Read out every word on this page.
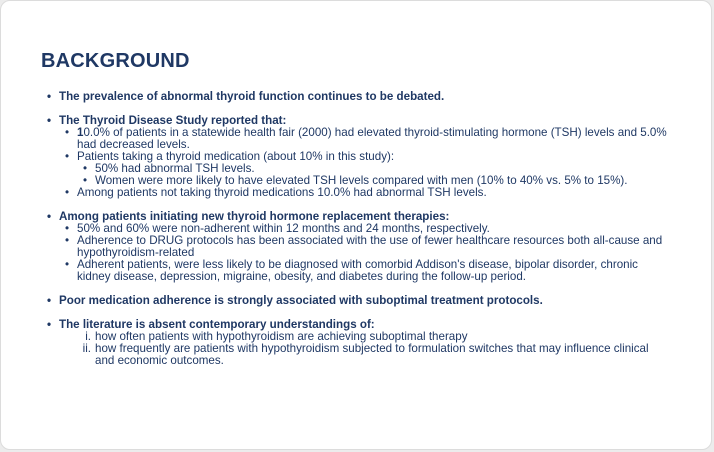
BACKGROUND
• The prevalence of abnormal thyroid function continues to be debated.
• The Thyroid Disease Study reported that:
• 10.0% of patients in a statewide health fair (2000) had elevated thyroid-stimulating hormone (TSH) levels and 5.0% had decreased levels.
• Patients taking a thyroid medication (about 10% in this study):
• 50% had abnormal TSH levels.
• Women were more likely to have elevated TSH levels compared with men (10% to 40% vs. 5% to 15%).
• Among patients not taking thyroid medications 10.0% had abnormal TSH levels.
• Among patients initiating new thyroid hormone replacement therapies:
• 50% and 60% were non-adherent within 12 months and 24 months, respectively.
• Adherence to DRUG protocols has been associated with the use of fewer healthcare resources both all-cause and hypothyroidism-related
• Adherent patients, were less likely to be diagnosed with comorbid Addison's disease, bipolar disorder, chronic kidney disease, depression, migraine, obesity, and diabetes during the follow-up period.
• Poor medication adherence is strongly associated with suboptimal treatment protocols.
• The literature is absent contemporary understandings of:
i. how often patients with hypothyroidism are achieving suboptimal therapy
ii. how frequently are patients with hypothyroidism subjected to formulation switches that may influence clinical and economic outcomes.
